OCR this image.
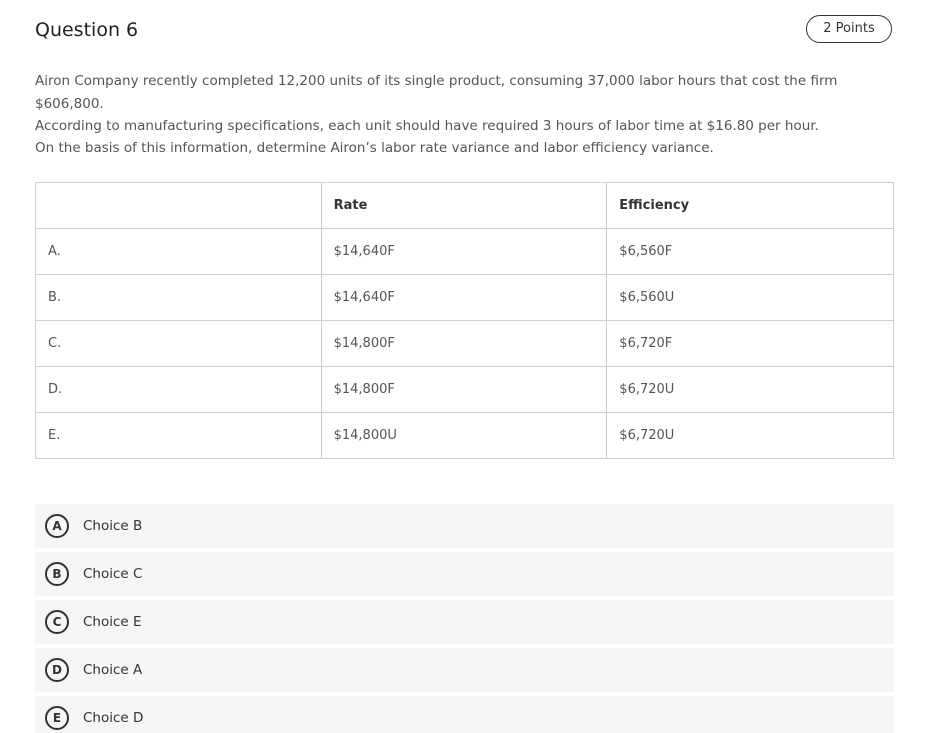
Question 6	2 Points

Airon Company recently completed 12,200 units of its single product, consuming 37,000 labor hours that cost the firm $606,800.
According to manufacturing specifications, each unit should have required 3 hours of labor time at $16.80 per hour.

On the basis of this information, determine Airon’s labor rate variance and labor efficiency variance.

	Rate	Efficiency
A.	$14,640F	$6,560F
B.	$14,640F	$6,560U
C.	$14,800F	$6,720F
D.	$14,800F	$6,720U
E.	$14,800U	$6,720U
A	Choice B
B	Choice C
C	Choice E
D	Choice A
E	Choice D
